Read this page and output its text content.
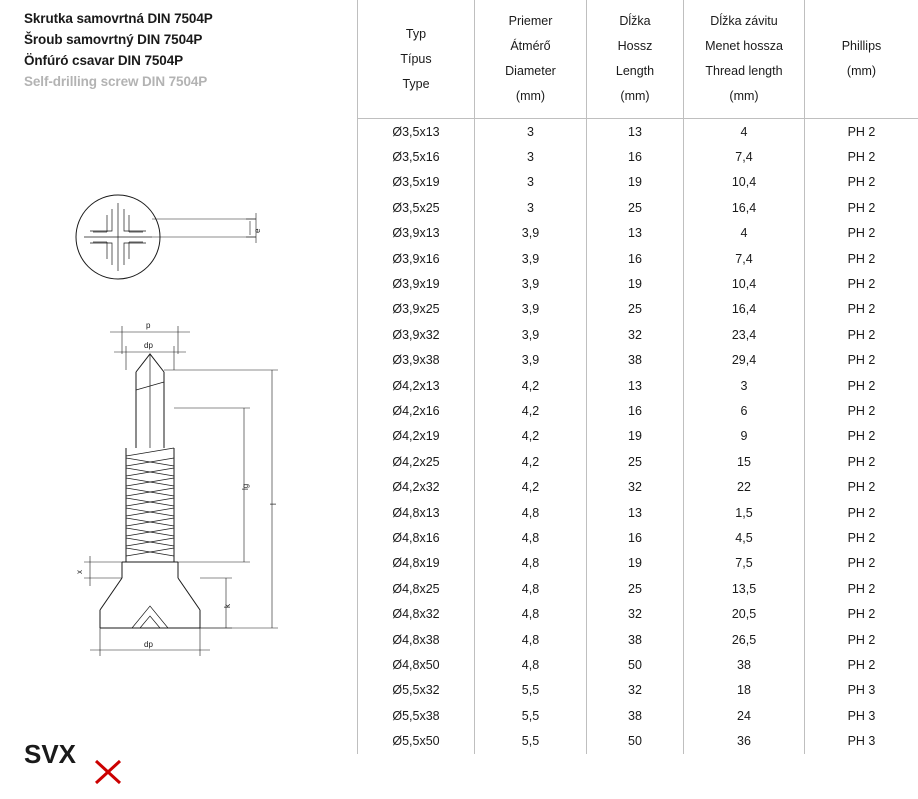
Skrutka samovrtná DIN 7504P
Šroub samovrtný DIN 7504P
Önfúró csavar DIN 7504P
Self-drilling screw DIN 7504P
e
p
dp
l
lg
k
x
dp
SVX
Typ
Típus
Type	Priemer
Átmérő
Diameter
(mm)	Dĺžka
Hossz
Length
(mm)	Dĺžka závitu
Menet hossza
Thread length
(mm)	Phillips
(mm)

Ø3,5x13	3	13	4	PH 2
Ø3,5x16	3	16	7,4	PH 2
Ø3,5x19	3	19	10,4	PH 2
Ø3,5x25	3	25	16,4	PH 2
Ø3,9x13	3,9	13	4	PH 2
Ø3,9x16	3,9	16	7,4	PH 2
Ø3,9x19	3,9	19	10,4	PH 2
Ø3,9x25	3,9	25	16,4	PH 2
Ø3,9x32	3,9	32	23,4	PH 2
Ø3,9x38	3,9	38	29,4	PH 2
Ø4,2x13	4,2	13	3	PH 2
Ø4,2x16	4,2	16	6	PH 2
Ø4,2x19	4,2	19	9	PH 2
Ø4,2x25	4,2	25	15	PH 2
Ø4,2x32	4,2	32	22	PH 2
Ø4,8x13	4,8	13	1,5	PH 2
Ø4,8x16	4,8	16	4,5	PH 2
Ø4,8x19	4,8	19	7,5	PH 2
Ø4,8x25	4,8	25	13,5	PH 2
Ø4,8x32	4,8	32	20,5	PH 2
Ø4,8x38	4,8	38	26,5	PH 2
Ø4,8x50	4,8	50	38	PH 2
Ø5,5x32	5,5	32	18	PH 3
Ø5,5x38	5,5	38	24	PH 3
Ø5,5x50	5,5	50	36	PH 3
